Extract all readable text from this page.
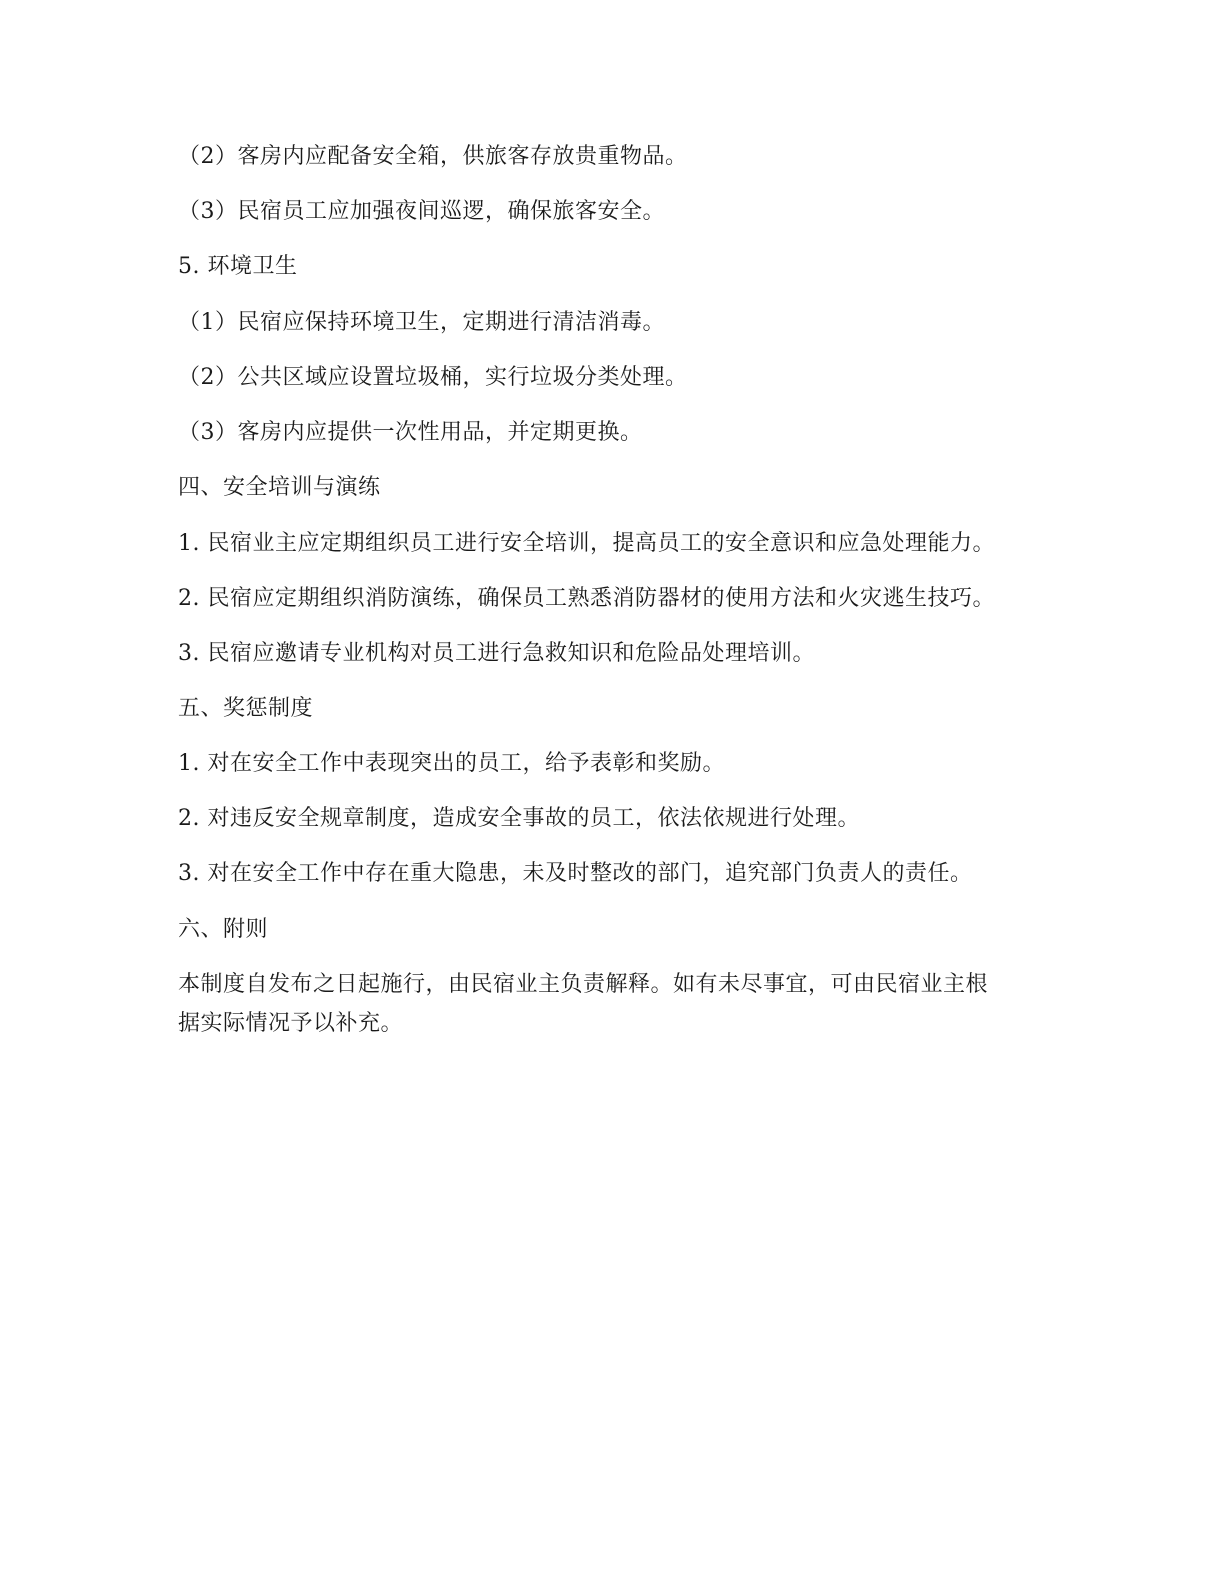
（2）客房内应配备安全箱，供旅客存放贵重物品。
（3）民宿员工应加强夜间巡逻，确保旅客安全。
5. 环境卫生
（1）民宿应保持环境卫生，定期进行清洁消毒。
（2）公共区域应设置垃圾桶，实行垃圾分类处理。
（3）客房内应提供一次性用品，并定期更换。
四、安全培训与演练
1. 民宿业主应定期组织员工进行安全培训，提高员工的安全意识和应急处理能力。
2. 民宿应定期组织消防演练，确保员工熟悉消防器材的使用方法和火灾逃生技巧。
3. 民宿应邀请专业机构对员工进行急救知识和危险品处理培训。
五、奖惩制度
1. 对在安全工作中表现突出的员工，给予表彰和奖励。
2. 对违反安全规章制度，造成安全事故的员工，依法依规进行处理。
3. 对在安全工作中存在重大隐患，未及时整改的部门，追究部门负责人的责任。
六、附则
本制度自发布之日起施行，由民宿业主负责解释。如有未尽事宜，可由民宿业主根
据实际情况予以补充。
